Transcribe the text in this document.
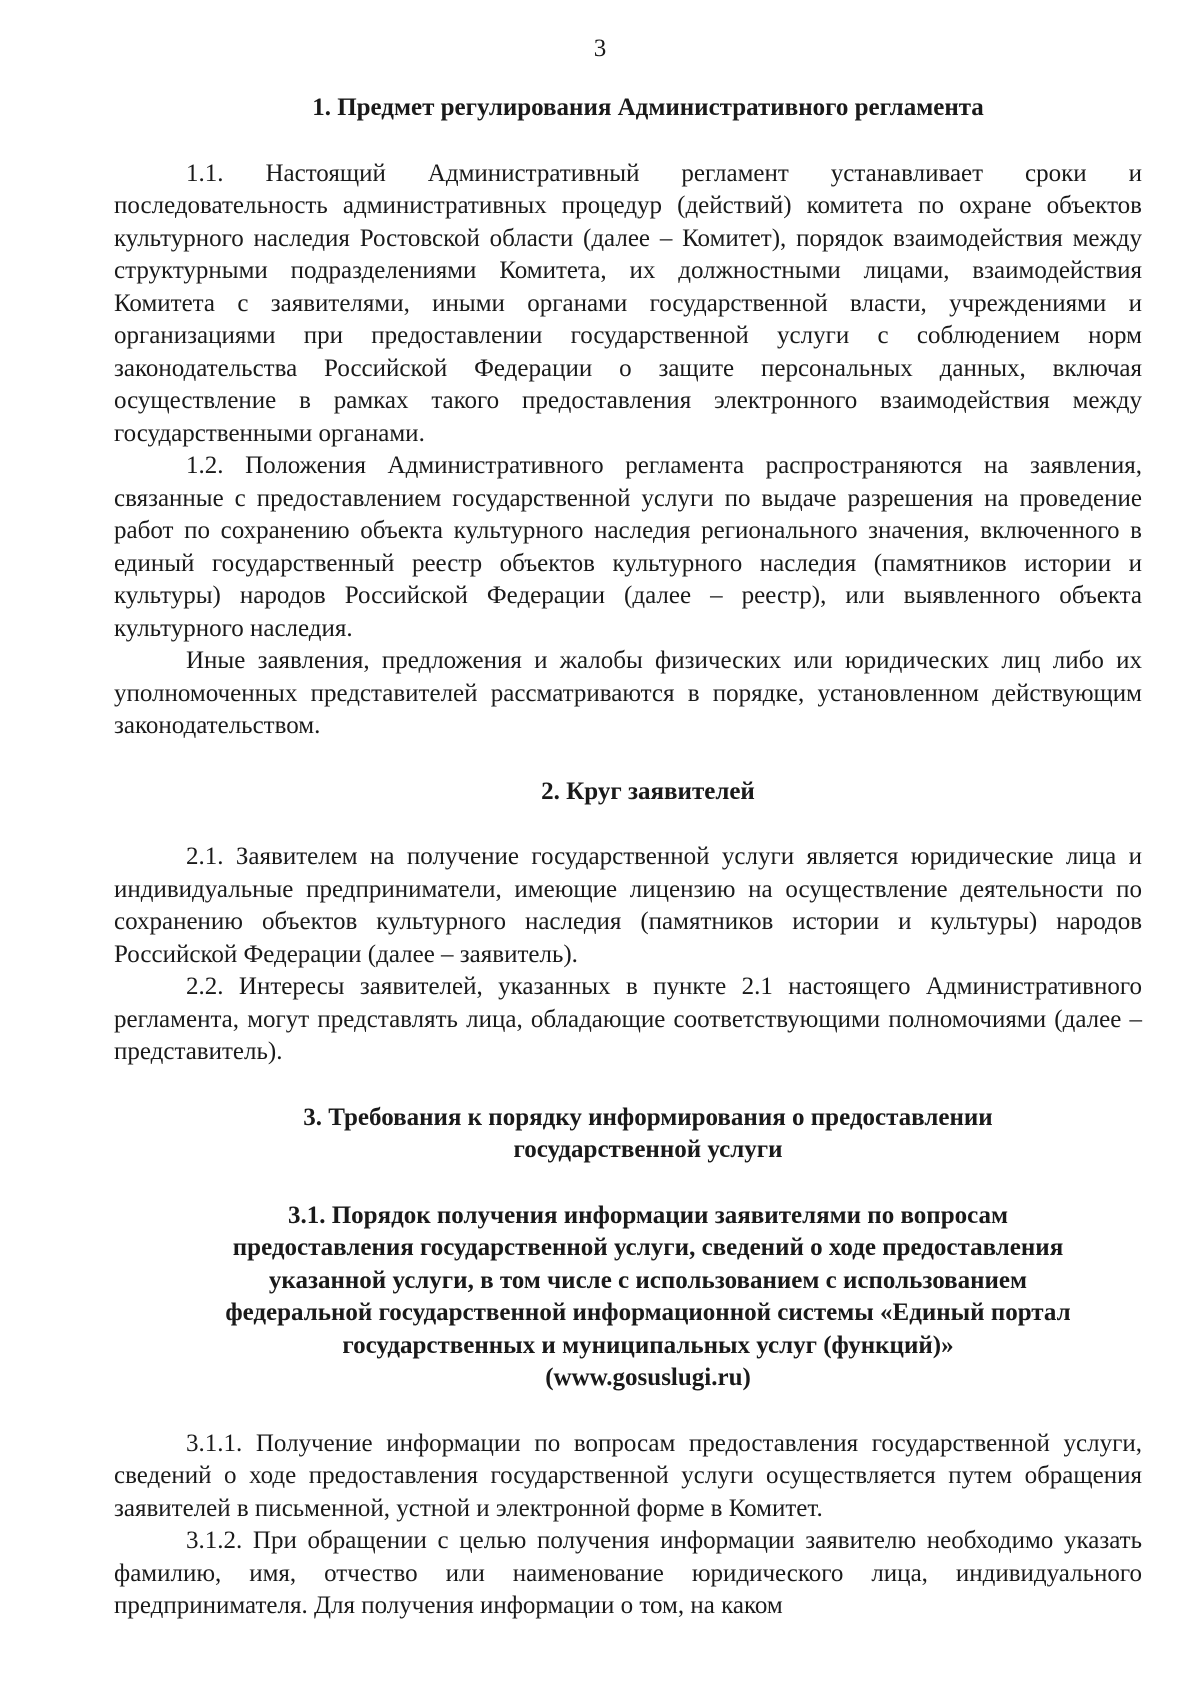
3
1. Предмет регулирования Административного регламента

1.1. Настоящий Административный регламент устанавливает сроки и последовательность административных процедур (действий) комитета по охране объектов культурного наследия Ростовской области (далее – Комитет), порядок взаимодействия между структурными подразделениями Комитета, их должностными лицами, взаимодействия Комитета с заявителями, иными органами государственной власти, учреждениями и организациями при предоставлении государственной услуги с соблюдением норм законодательства Российской Федерации о защите персональных данных, включая осуществление в рамках такого предоставления электронного взаимодействия между государственными органами.

1.2. Положения Административного регламента распространяются на заявления, связанные с предоставлением государственной услуги по выдаче разрешения на проведение работ по сохранению объекта культурного наследия регионального значения, включенного в единый государственный реестр объектов культурного наследия (памятников истории и культуры) народов Российской Федерации (далее – реестр), или выявленного объекта культурного наследия.

Иные заявления, предложения и жалобы физических или юридических лиц либо их уполномоченных представителей рассматриваются в порядке, установленном действующим законодательством.

2. Круг заявителей

2.1. Заявителем на получение государственной услуги является юридические лица и индивидуальные предприниматели, имеющие лицензию на осуществление деятельности по сохранению объектов культурного наследия (памятников истории и культуры) народов Российской Федерации (далее – заявитель).

2.2. Интересы заявителей, указанных в пункте 2.1 настоящего Административного регламента, могут представлять лица, обладающие соответствующими полномочиями (далее – представитель).

3. Требования к порядку информирования о предоставлении
государственной услуги
3.1. Порядок получения информации заявителями по вопросам
предоставления государственной услуги, сведений о ходе предоставления
указанной услуги, в том числе с использованием с использованием
федеральной государственной информационной системы «Единый портал
государственных и муниципальных услуг (функций)»
(www.gosuslugi.ru)

3.1.1. Получение информации по вопросам предоставления государственной услуги, сведений о ходе предоставления государственной услуги осуществляется путем обращения заявителей в письменной, устной и электронной форме в Комитет.

3.1.2. При обращении с целью получения информации заявителю необходимо указать фамилию, имя, отчество или наименование юридического лица, индивидуального предпринимателя. Для получения информации о том, на каком
